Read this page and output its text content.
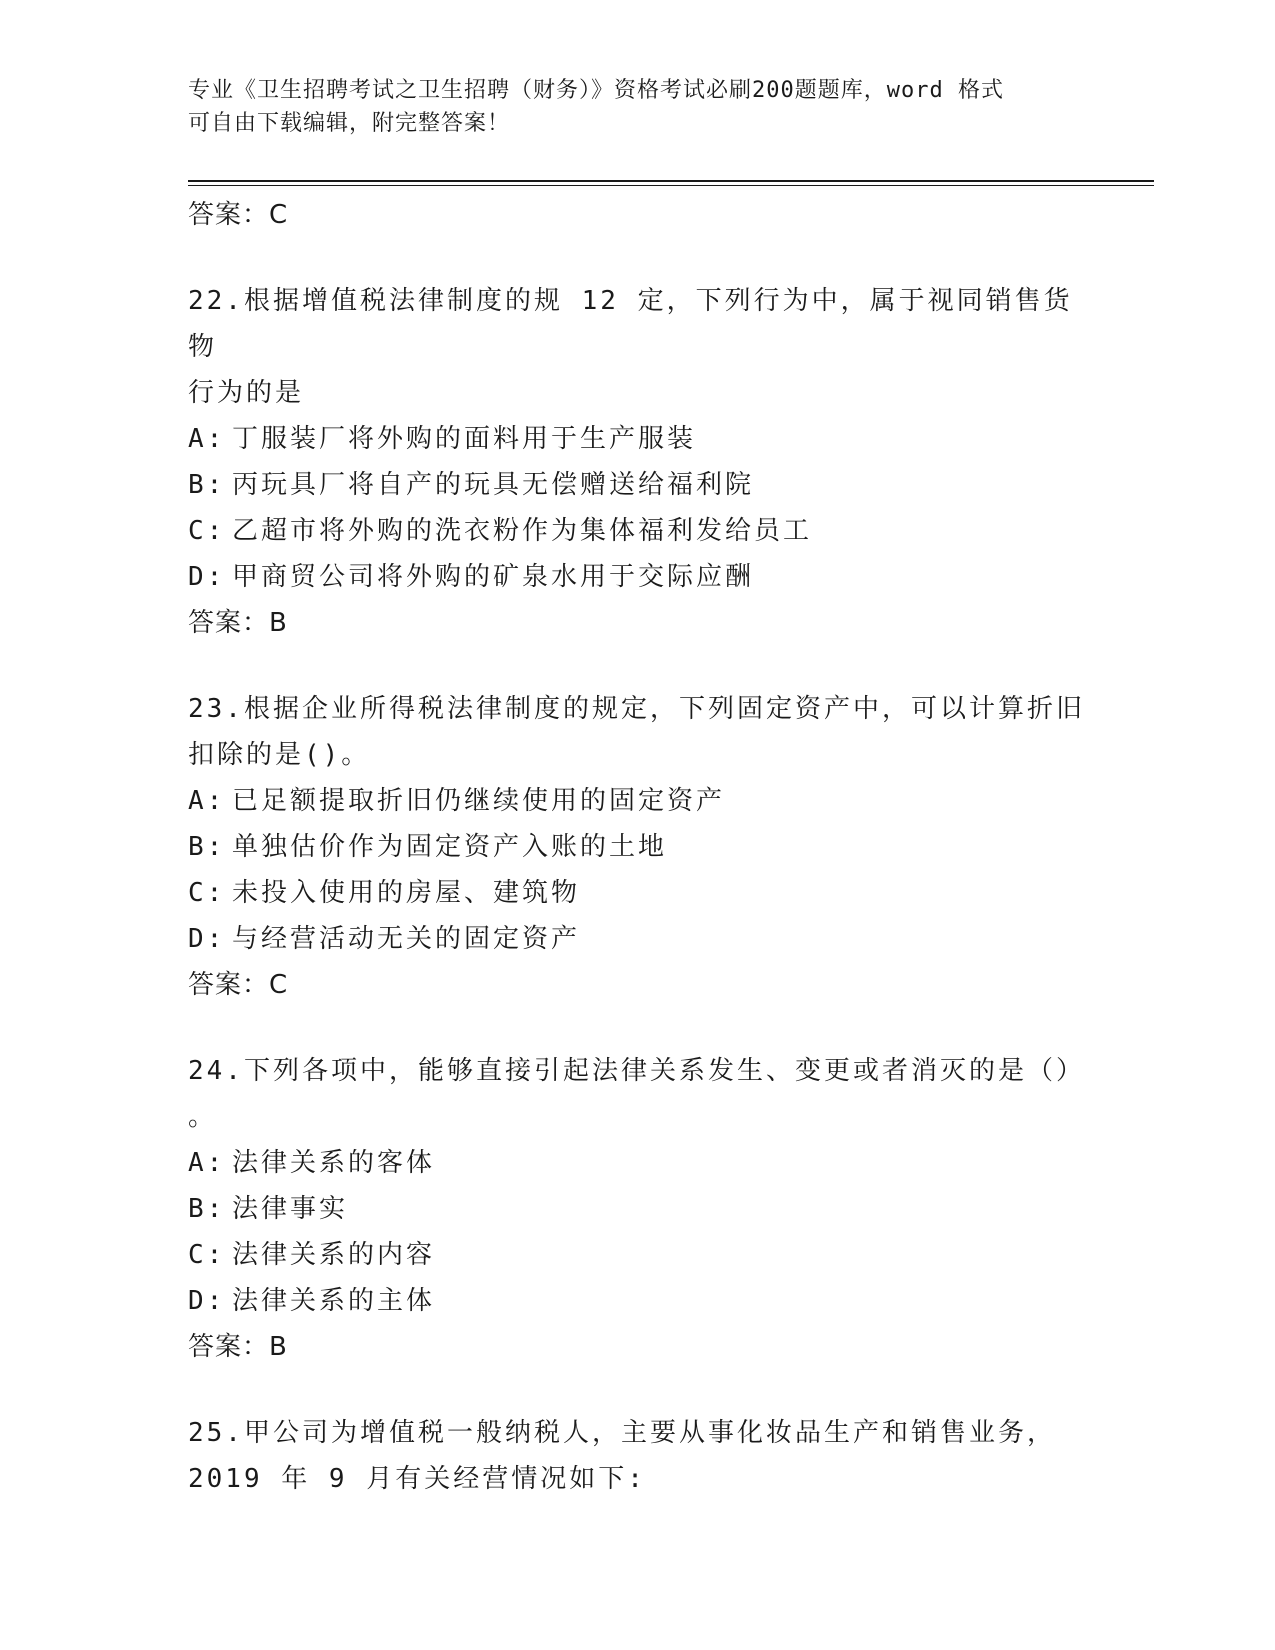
专业《卫生招聘考试之卫生招聘（财务）》资格考试必刷200题题库，word 格式
可自由下载编辑，附完整答案！
答案：C
22.根据增值税法律制度的规 12 定，下列行为中，属于视同销售货物
行为的是
A: 丁服装厂将外购的面料用于生产服装
B: 丙玩具厂将自产的玩具无偿赠送给福利院
C: 乙超市将外购的洗衣粉作为集体福利发给员工
D: 甲商贸公司将外购的矿泉水用于交际应酬
答案：B
23.根据企业所得税法律制度的规定，下列固定资产中，可以计算折旧
扣除的是()。
A: 已足额提取折旧仍继续使用的固定资产
B: 单独估价作为固定资产入账的土地
C: 未投入使用的房屋、建筑物
D: 与经营活动无关的固定资产
答案：C
24.下列各项中，能够直接引起法律关系发生、变更或者消灭的是（）
。
A: 法律关系的客体
B: 法律事实
C: 法律关系的内容
D: 法律关系的主体
答案：B
25.甲公司为增值税一般纳税人，主要从事化妆品生产和销售业务，
2019 年 9 月有关经营情况如下:
